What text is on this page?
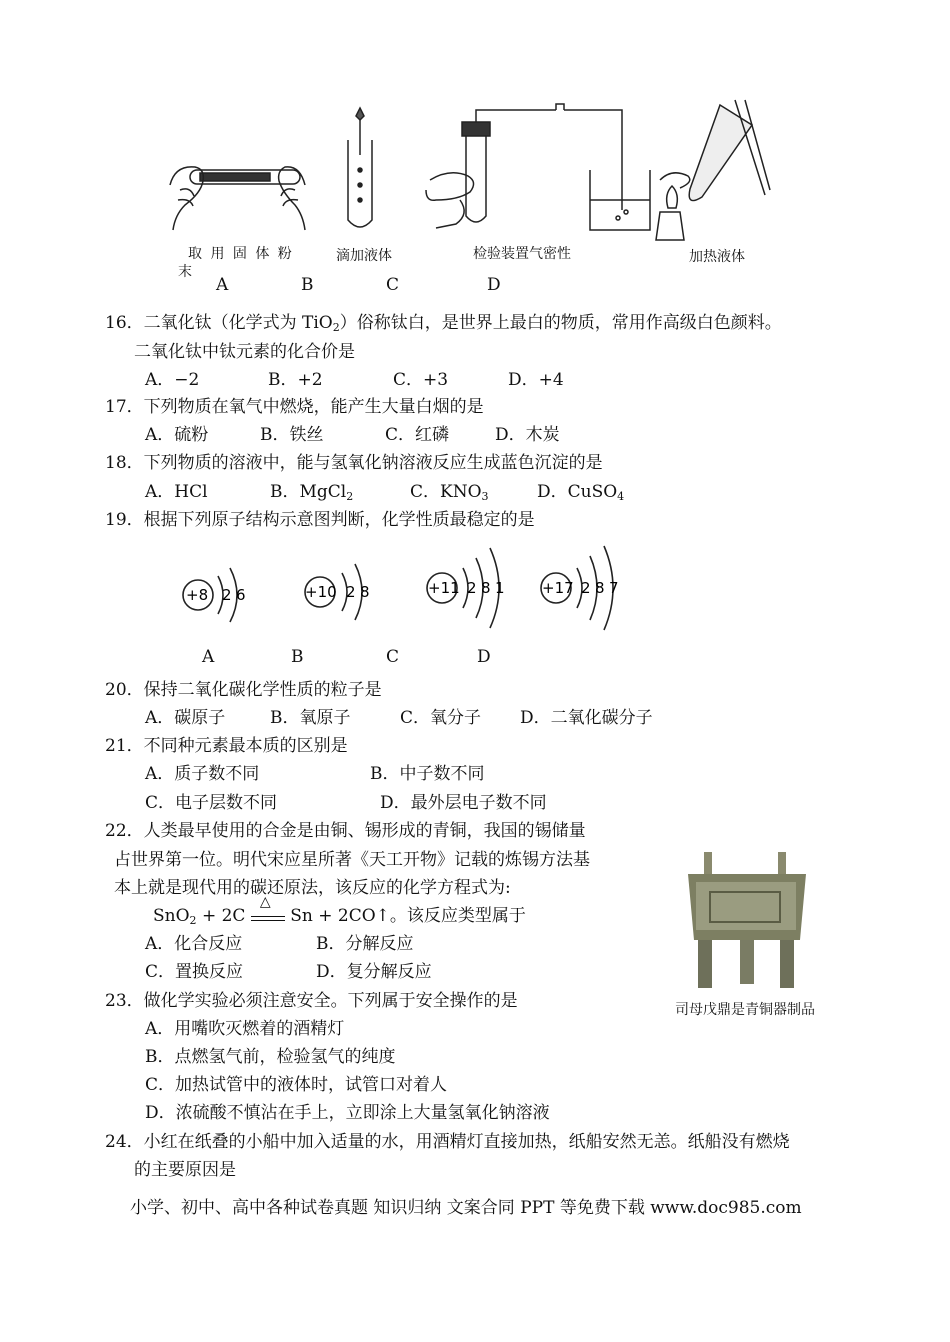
取 用 固 体 粉
末
滴加液体	检验装置气密性	加热液体
A	B	C	D
16．二氧化钛（化学式为 TiO$_2$）俗称钛白，是世界上最白的物质，常用作高级白色颜料。
二氧化钛中钛元素的化合价是
A．−2	B．+2	C．+3	D．+4
17．下列物质在氧气中燃烧，能产生大量白烟的是
A．硫粉	B．铁丝	C．红磷	D．木炭
18．下列物质的溶液中，能与氢氧化钠溶液反应生成蓝色沉淀的是
A．HCl	B．MgCl$_2$	C．$KNO_3$	D．CuSO$_4$
19．根据下列原子结构示意图判断，化学性质最稳定的是
+8 2 6	+10 2 8	+11 2 8 1 +17 2 8 7
A	B	C	D
20．保持二氧化碳化学性质的粒子是
A．碳原子	B．氧原子	C．氧分子 D．二氧化碳分子
21．不同种元素最本质的区别是
A．质子数不同	B．中子数不同
C．电子层数不同	D．最外层电子数不同
22．人类最早使用的合金是由铜、锡形成的青铜，我国的锡储量
占世界第一位。明代宋应星所著《天工开物》记载的炼锡方法基
本上就是现代用的碳还原法，该反应的化学方程式为:
SnO$_2$ + 2C
△
Sn + 2CO↑。该反应类型属于
A．化合反应	B．分解反应
C．置换反应	D．复分解反应
司母戊鼎是青铜器制品
23．做化学实验必须注意安全。下列属于安全操作的是
A．用嘴吹灭燃着的酒精灯
B．点燃氢气前，检验氢气的纯度
C．加热试管中的液体时，试管口对着人
D．浓硫酸不慎沾在手上，立即涂上大量氢氧化钠溶液
24．小红在纸叠的小船中加入适量的水，用酒精灯直接加热，纸船安然无恙。纸船没有燃烧
的主要原因是
小学、初中、高中各种试卷真题 知识归纳 文案合同 PPT 等免费下载 www.doc985.com
